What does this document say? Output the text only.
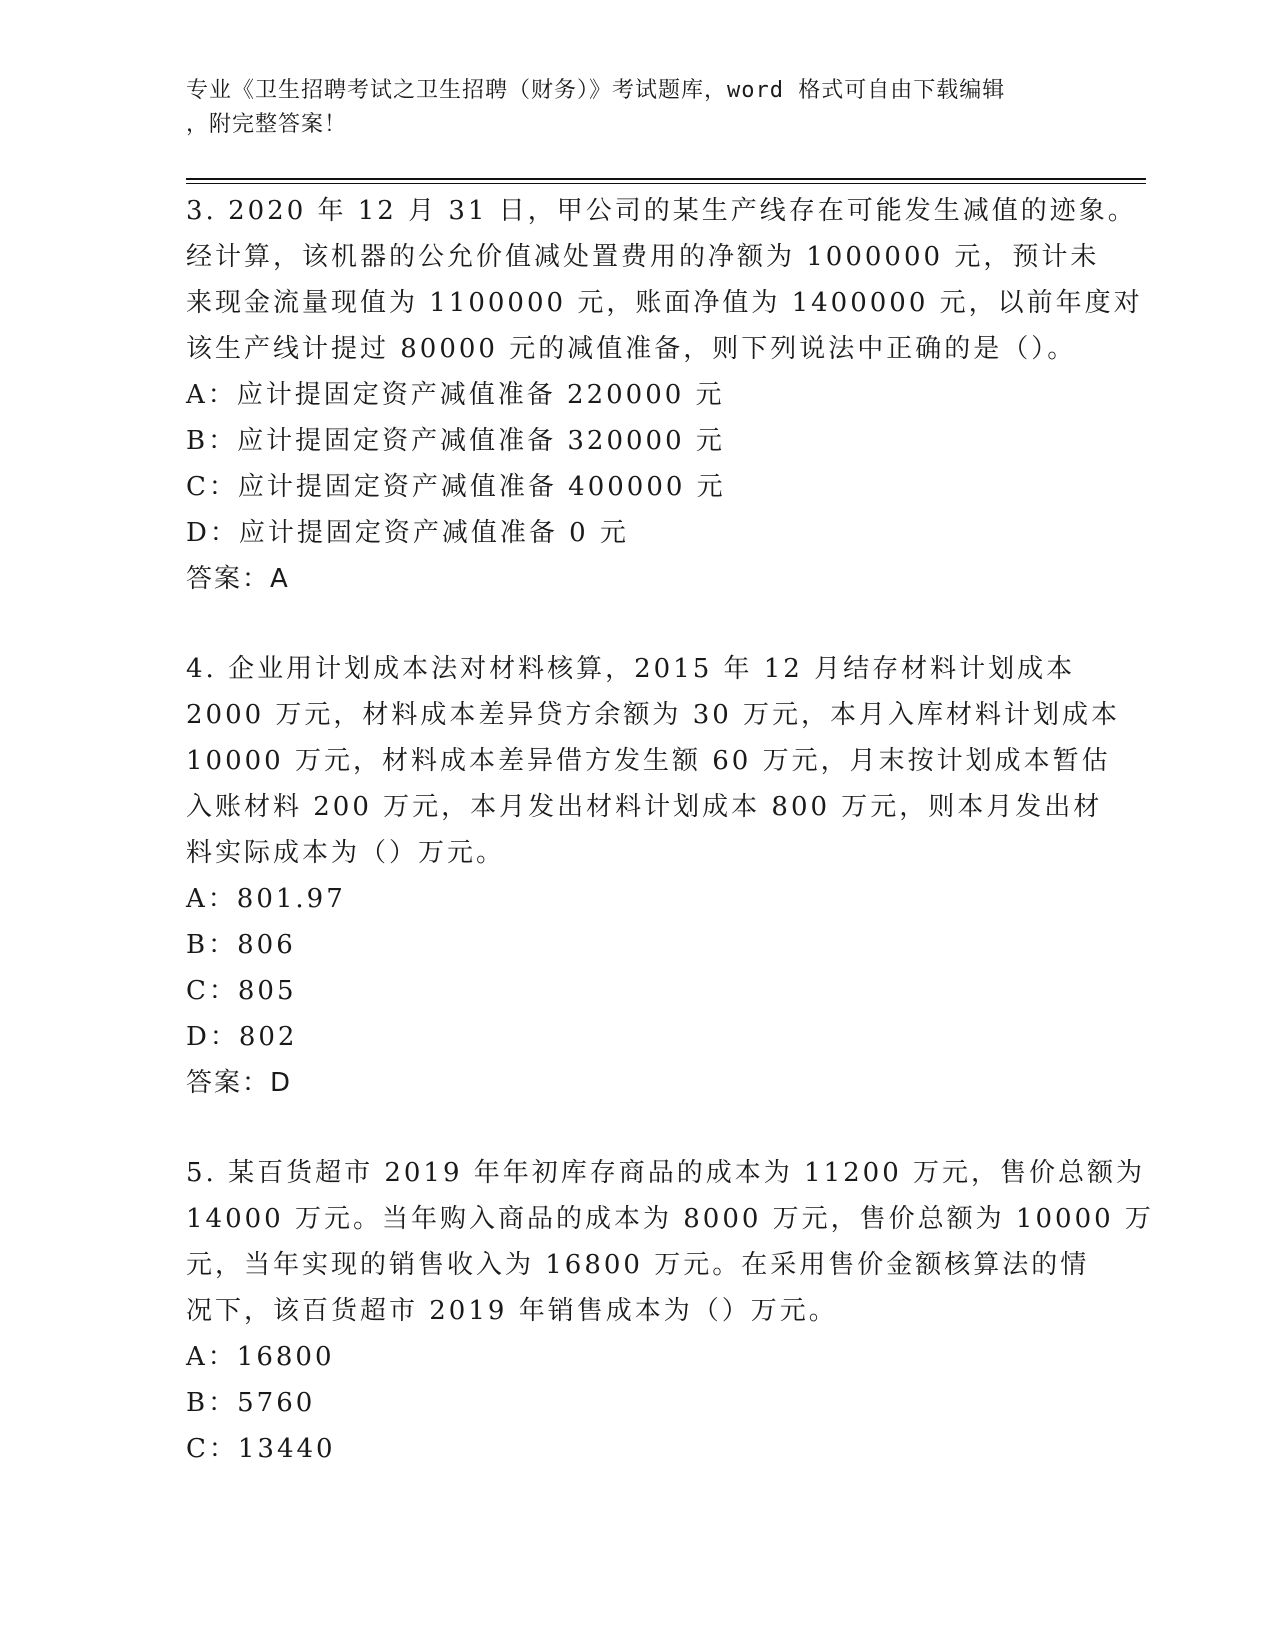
专业《卫生招聘考试之卫生招聘（财务）》考试题库，word 格式可自由下载编辑
，附完整答案！
3. 2020 年 12 月 31 日，甲公司的某生产线存在可能发生减值的迹象。
经计算，该机器的公允价值减处置费用的净额为 1000000 元，预计未
来现金流量现值为 1100000 元，账面净值为 1400000 元，以前年度对
该生产线计提过 80000 元的减值准备，则下列说法中正确的是（）。
A：应计提固定资产减值准备 220000 元
B：应计提固定资产减值准备 320000 元
C：应计提固定资产减值准备 400000 元
D：应计提固定资产减值准备 0 元
答案：A
4. 企业用计划成本法对材料核算，2015 年 12 月结存材料计划成本
2000 万元，材料成本差异贷方余额为 30 万元，本月入库材料计划成本
10000 万元，材料成本差异借方发生额 60 万元，月末按计划成本暂估
入账材料 200 万元，本月发出材料计划成本 800 万元，则本月发出材
料实际成本为（）万元。
A：801.97
B：806
C：805
D：802
答案：D
5. 某百货超市 2019 年年初库存商品的成本为 11200 万元，售价总额为
14000 万元。当年购入商品的成本为 8000 万元，售价总额为 10000 万
元，当年实现的销售收入为 16800 万元。在采用售价金额核算法的情
况下，该百货超市 2019 年销售成本为（）万元。
A：16800
B：5760
C：13440
